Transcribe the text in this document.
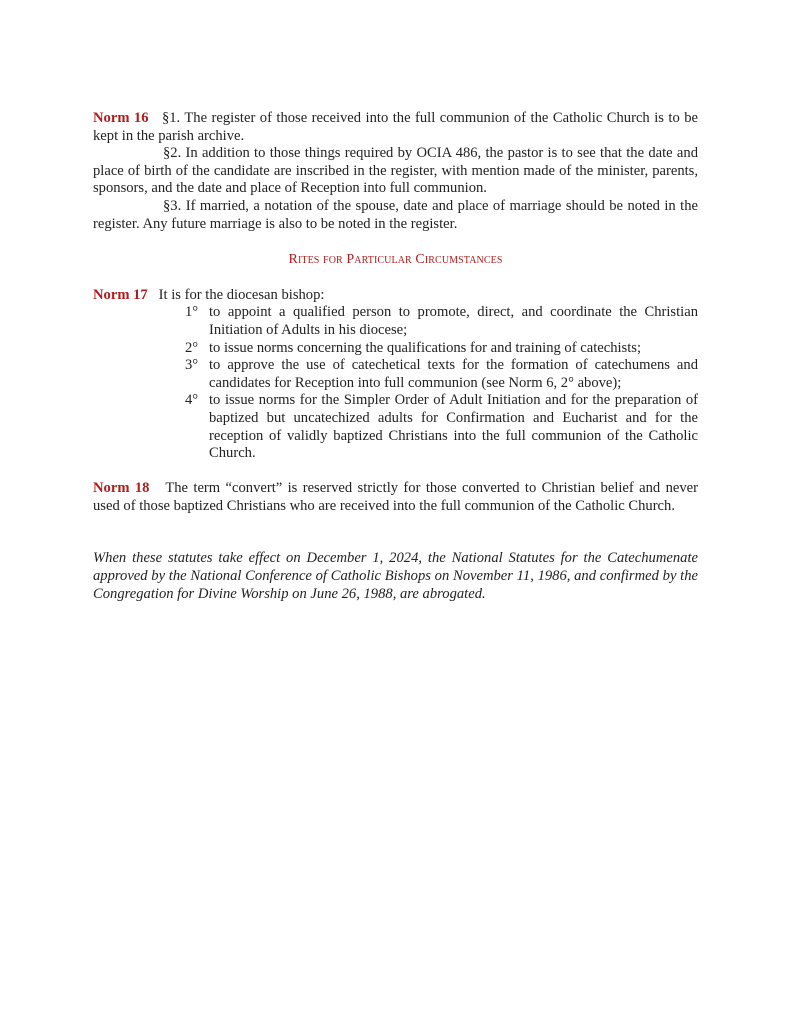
Norm 16 §1. The register of those received into the full communion of the Catholic Church is to be kept in the parish archive.

§2. In addition to those things required by OCIA 486, the pastor is to see that the date and place of birth of the candidate are inscribed in the register, with mention made of the minister, parents, sponsors, and the date and place of Reception into full communion.

§3. If married, a notation of the spouse, date and place of marriage should be noted in the register. Any future marriage is also to be noted in the register.

Rites for Particular Circumstances

Norm 17 It is for the diocesan bishop:

1° to appoint a qualified person to promote, direct, and coordinate the Christian Initiation of Adults in his diocese;
2° to issue norms concerning the qualifications for and training of catechists;
3° to approve the use of catechetical texts for the formation of catechumens and candidates for Reception into full communion (see Norm 6, 2° above);
4° to issue norms for the Simpler Order of Adult Initiation and for the preparation of baptized but uncatechized adults for Confirmation and Eucharist and for the reception of validly baptized Christians into the full communion of the Catholic Church.

Norm 18 The term “convert” is reserved strictly for those converted to Christian belief and never used of those baptized Christians who are received into the full communion of the Catholic Church.

When these statutes take effect on December 1, 2024, the National Statutes for the Catechumenate approved by the National Conference of Catholic Bishops on November 11, 1986, and confirmed by the Congregation for Divine Worship on June 26, 1988, are abrogated.
